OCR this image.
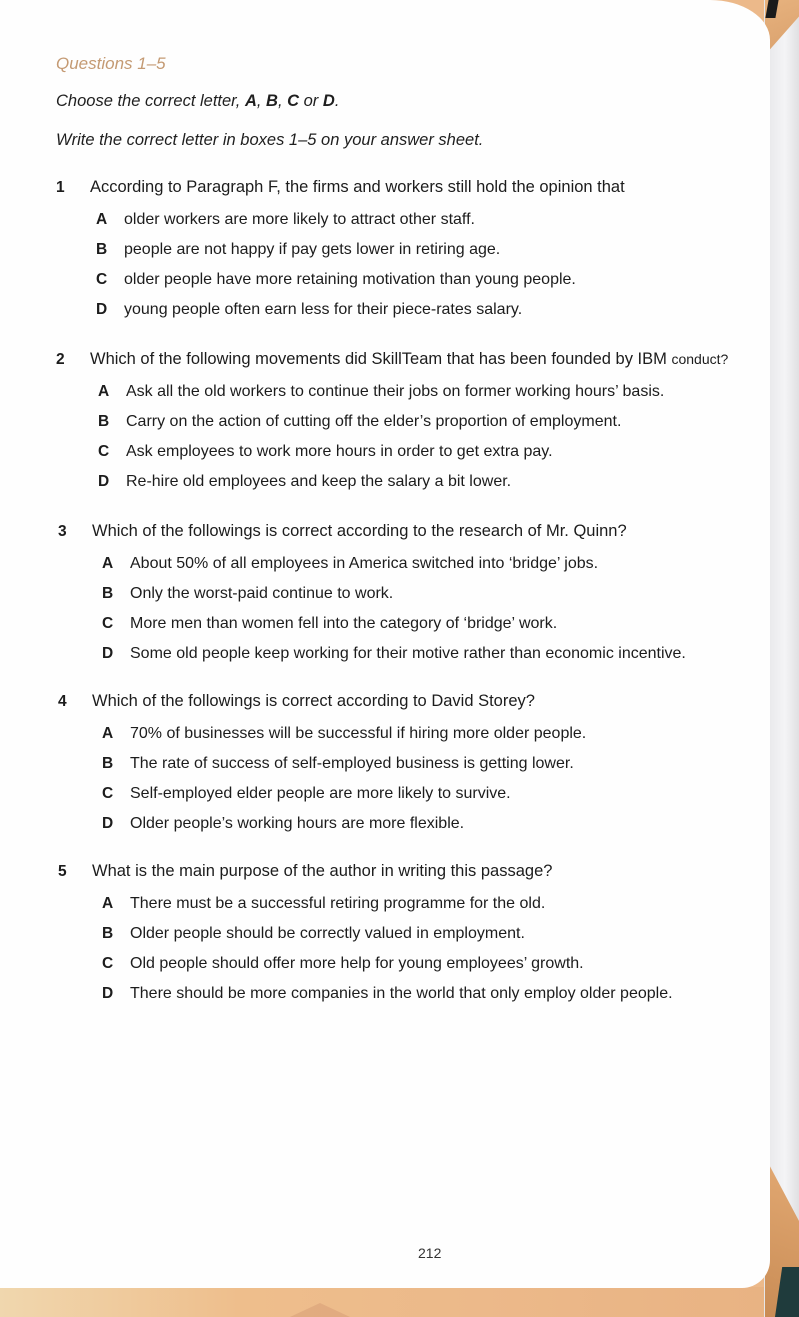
Questions 1–5
Choose the correct letter, A, B, C or D.
Write the correct letter in boxes 1–5 on your answer sheet.
1	According to Paragraph F, the firms and workers still hold the opinion that
A	older workers are more likely to attract other staff.
B	people are not happy if pay gets lower in retiring age.
C	older people have more retaining motivation than young people.
D	young people often earn less for their piece-rates salary.
2	Which of the following movements did SkillTeam that has been founded by IBM conduct?
A	Ask all the old workers to continue their jobs on former working hours’ basis.
B	Carry on the action of cutting off the elder’s proportion of employment.
C	Ask employees to work more hours in order to get extra pay.
D	Re-hire old employees and keep the salary a bit lower.
3	Which of the followings is correct according to the research of Mr. Quinn?
A	About 50% of all employees in America switched into ‘bridge’ jobs.
B	Only the worst-paid continue to work.
C	More men than women fell into the category of ‘bridge’ work.
D	Some old people keep working for their motive rather than economic incentive.
4	Which of the followings is correct according to David Storey?
A	70% of businesses will be successful if hiring more older people.
B	The rate of success of self-employed business is getting lower.
C	Self-employed elder people are more likely to survive.
D	Older people’s working hours are more flexible.
5	What is the main purpose of the author in writing this passage?
A	There must be a successful retiring programme for the old.
B	Older people should be correctly valued in employment.
C	Old people should offer more help for young employees’ growth.
D	There should be more companies in the world that only employ older people.
212
